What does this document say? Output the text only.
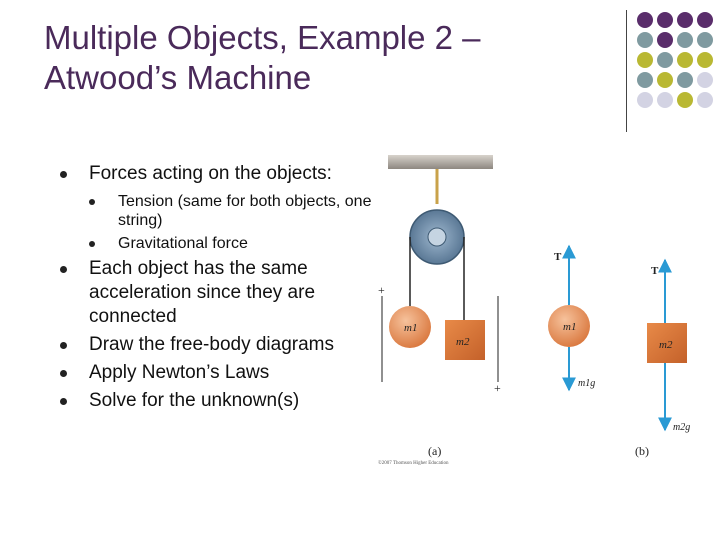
Multiple Objects, Example 2 –
Atwood’s Machine
Forces acting on the objects:
Tension (same for both objects, one string)
Gravitational force
Each object has the same acceleration since they are connected
Draw the free-body diagrams
Apply Newton’s Laws
Solve for the unknown(s)
m1
m2
+
+
(a)
©2007 Thomson Higher Education
T
m1g
m1
T
m2
m2g
(b)
